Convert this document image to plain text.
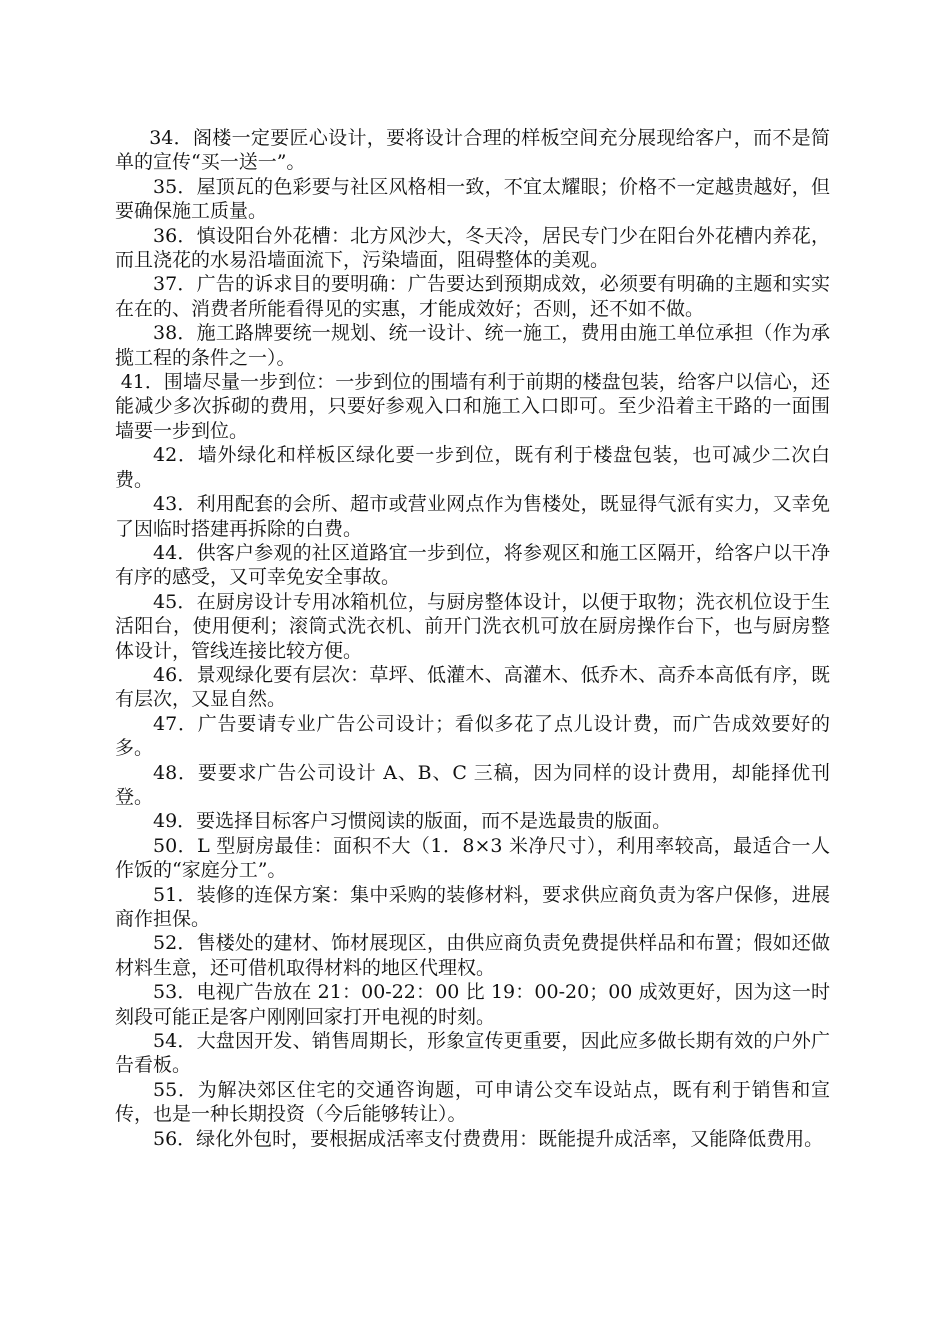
34．阁楼一定要匠心设计，要将设计合理的样板空间充分展现给客户，而不是简单的宣传“买一送一”。

35．屋顶瓦的色彩要与社区风格相一致，不宜太耀眼；价格不一定越贵越好，但要确保施工质量。

36．慎设阳台外花槽：北方风沙大，冬天冷，居民专门少在阳台外花槽内养花，而且浇花的水易沿墙面流下，污染墙面，阻碍整体的美观。

37．广告的诉求目的要明确：广告要达到预期成效，必须要有明确的主题和实实在在的、消费者所能看得见的实惠，才能成效好；否则，还不如不做。

38．施工路牌要统一规划、统一设计、统一施工，费用由施工单位承担（作为承揽工程的条件之一）。

41．围墙尽量一步到位：一步到位的围墙有利于前期的楼盘包装，给客户以信心，还能减少多次拆砌的费用，只要好参观入口和施工入口即可。至少沿着主干路的一面围墙要一步到位。

42．墙外绿化和样板区绿化要一步到位，既有利于楼盘包装，也可减少二次白费。

43．利用配套的会所、超市或营业网点作为售楼处，既显得气派有实力，又幸免了因临时搭建再拆除的白费。

44．供客户参观的社区道路宜一步到位，将参观区和施工区隔开，给客户以干净有序的感受，又可幸免安全事故。

45．在厨房设计专用冰箱机位，与厨房整体设计，以便于取物；洗衣机位设于生活阳台，使用便利；滚筒式洗衣机、前开门洗衣机可放在厨房操作台下，也与厨房整体设计，管线连接比较方便。

46．景观绿化要有层次：草坪、低灌木、高灌木、低乔木、高乔本高低有序，既有层次，又显自然。

47．广告要请专业广告公司设计；看似多花了点儿设计费，而广告成效要好的多。

48．要要求广告公司设计 A、B、C 三稿，因为同样的设计费用，却能择优刊登。

49．要选择目标客户习惯阅读的版面，而不是选最贵的版面。

50．L 型厨房最佳：面积不大（1．8×3 米净尺寸），利用率较高，最适合一人作饭的“家庭分工”。

51．装修的连保方案：集中采购的装修材料，要求供应商负责为客户保修，进展商作担保。

52．售楼处的建材、饰材展现区，由供应商负责免费提供样品和布置；假如还做材料生意，还可借机取得材料的地区代理权。

53．电视广告放在 21：00-22：00 比 19：00-20；00 成效更好，因为这一时刻段可能正是客户刚刚回家打开电视的时刻。

54．大盘因开发、销售周期长，形象宣传更重要，因此应多做长期有效的户外广告看板。

55．为解决郊区住宅的交通咨询题，可申请公交车设站点，既有利于销售和宣传，也是一种长期投资（今后能够转让）。

56．绿化外包时，要根据成活率支付费费用：既能提升成活率，又能降低费用。
